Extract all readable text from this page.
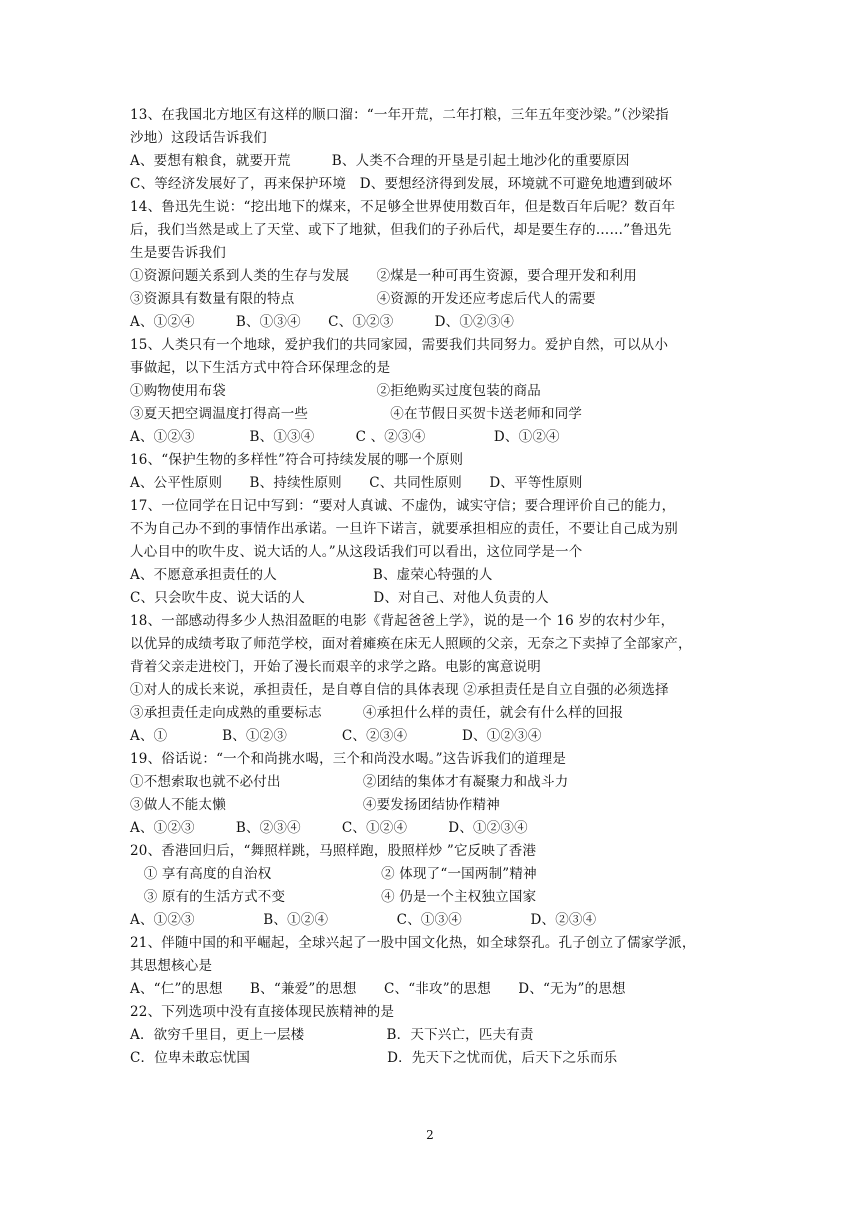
13、在我国北方地区有这样的顺口溜：“一年开荒，二年打粮，三年五年变沙梁。”（沙梁指
沙地）这段话告诉我们
A、要想有粮食，就要开荒　　　B、人类不合理的开垦是引起土地沙化的重要原因
C、等经济发展好了，再来保护环境　D、要想经济得到发展，环境就不可避免地遭到破坏
14、鲁迅先生说：“挖出地下的煤来，不足够全世界使用数百年，但是数百年后呢？数百年
后，我们当然是或上了天堂、或下了地狱，但我们的子孙后代，却是要生存的……”鲁迅先
生是要告诉我们
①资源问题关系到人类的生存与发展　　②煤是一种可再生资源，要合理开发和利用
③资源具有数量有限的特点　　　　　　④资源的开发还应考虑后代人的需要
A、①②④　　　B、①③④　　C、①②③　　　D、①②③④
15、人类只有一个地球，爱护我们的共同家园，需要我们共同努力。爱护自然，可以从小
事做起，以下生活方式中符合环保理念的是
①购物使用布袋　　　　　　　　　　　②拒绝购买过度包装的商品
③夏天把空调温度打得高一些　　　　　　④在节假日买贺卡送老师和同学
A、①②③　　　　B、①③④　　　C 、②③④　　　　　D、①②④
16、“保护生物的多样性”符合可持续发展的哪一个原则
A、公平性原则　　B、持续性原则　　C、共同性原则　　D、平等性原则
17、一位同学在日记中写到：“要对人真诚、不虚伪，诚实守信；要合理评价自己的能力，
不为自己办不到的事情作出承诺。一旦许下诺言，就要承担相应的责任，不要让自己成为别
人心目中的吹牛皮、说大话的人。”从这段话我们可以看出，这位同学是一个
A、不愿意承担责任的人　　　　　　　B、虚荣心特强的人
C、只会吹牛皮、说大话的人　　　　　D、对自己、对他人负责的人
18、一部感动得多少人热泪盈眶的电影《背起爸爸上学》，说的是一个 16 岁的农村少年，
以优异的成绩考取了师范学校，面对着瘫痪在床无人照顾的父亲，无奈之下卖掉了全部家产，
背着父亲走进校门，开始了漫长而艰辛的求学之路。电影的寓意说明
①对人的成长来说，承担责任，是自尊自信的具体表现 ②承担责任是自立自强的必须选择
③承担责任走向成熟的重要标志　　　④承担什么样的责任，就会有什么样的回报
A、①　　　　B、①②③　　　　C、②③④　　　　D、①②③④
19、俗话说：“一个和尚挑水喝，三个和尚没水喝。”这告诉我们的道理是
①不想索取也就不必付出　　　　　　②团结的集体才有凝聚力和战斗力
③做人不能太懒　　　　　　　　　　④要发扬团结协作精神
A、①②③　　　B、②③④　　　C、①②④　　　D、①②③④
20、香港回归后，“舞照样跳，马照样跑，股照样炒 ”它反映了香港
　① 享有高度的自治权　　　　　　　　② 体现了“一国两制”精神
　③ 原有的生活方式不变　　　　　　　④ 仍是一个主权独立国家
A、①②③　　　　　B、①②④　　　　　C、①③④　　　　　D、②③④
21、伴随中国的和平崛起，全球兴起了一股中国文化热，如全球祭孔。孔子创立了儒家学派，
其思想核心是
A、“仁”的思想　　B、“兼爱”的思想　　C、“非攻”的思想　　D、“无为”的思想
22、下列选项中没有直接体现民族精神的是
A．欲穷千里目，更上一层楼　　　　　　B．天下兴亡，匹夫有责
C．位卑未敢忘忧国　　　　　　　　　　D．先天下之忧而优，后天下之乐而乐
2
